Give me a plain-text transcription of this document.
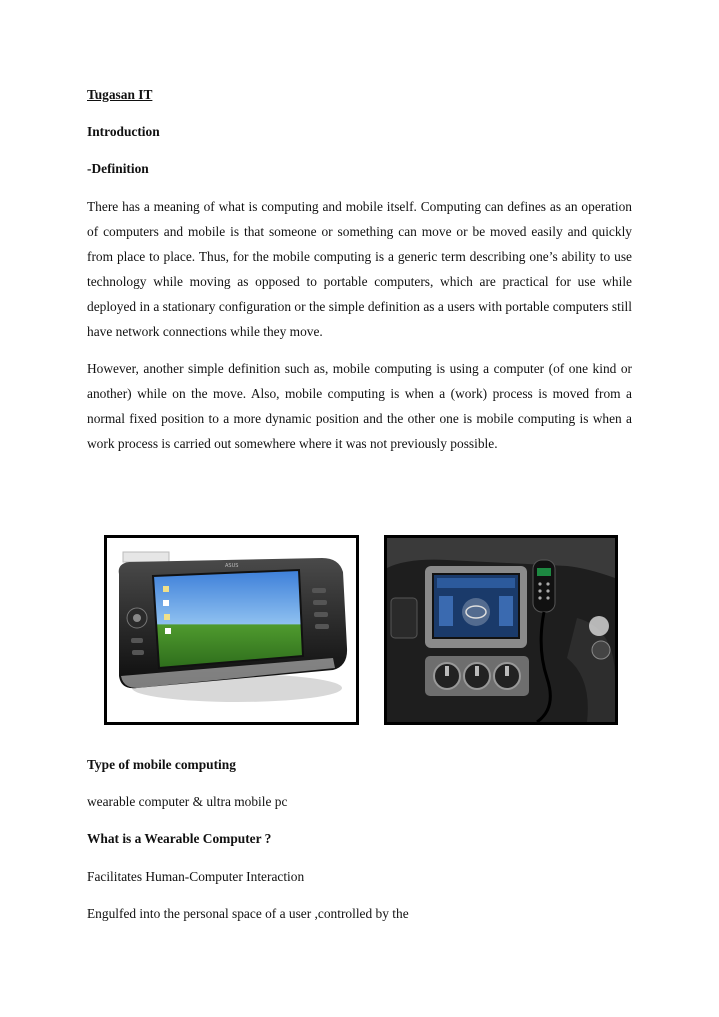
Tugasan IT
Introduction
-Definition

There has a meaning of what is computing and mobile itself. Computing can defines as an operation of computers and mobile is that someone or something can move or be moved easily and quickly from place to place. Thus, for the mobile computing is a generic term describing one’s ability to use technology while moving as opposed to portable computers, which are practical for use while deployed in a stationary configuration or the simple definition as a users with portable computers still have network connections while they move.

However, another simple definition such as, mobile computing is using a computer (of one kind or another) while on the move. Also, mobile computing is when a (work) process is moved from a normal fixed position to a more dynamic position and the other one is mobile computing is when a work process is carried out somewhere where it was not previously possible.

ASUS
Type of mobile computing
wearable computer & ultra mobile pc
What is a Wearable Computer ?
Facilitates Human-Computer Interaction
Engulfed into the personal space of a user ,controlled by the
